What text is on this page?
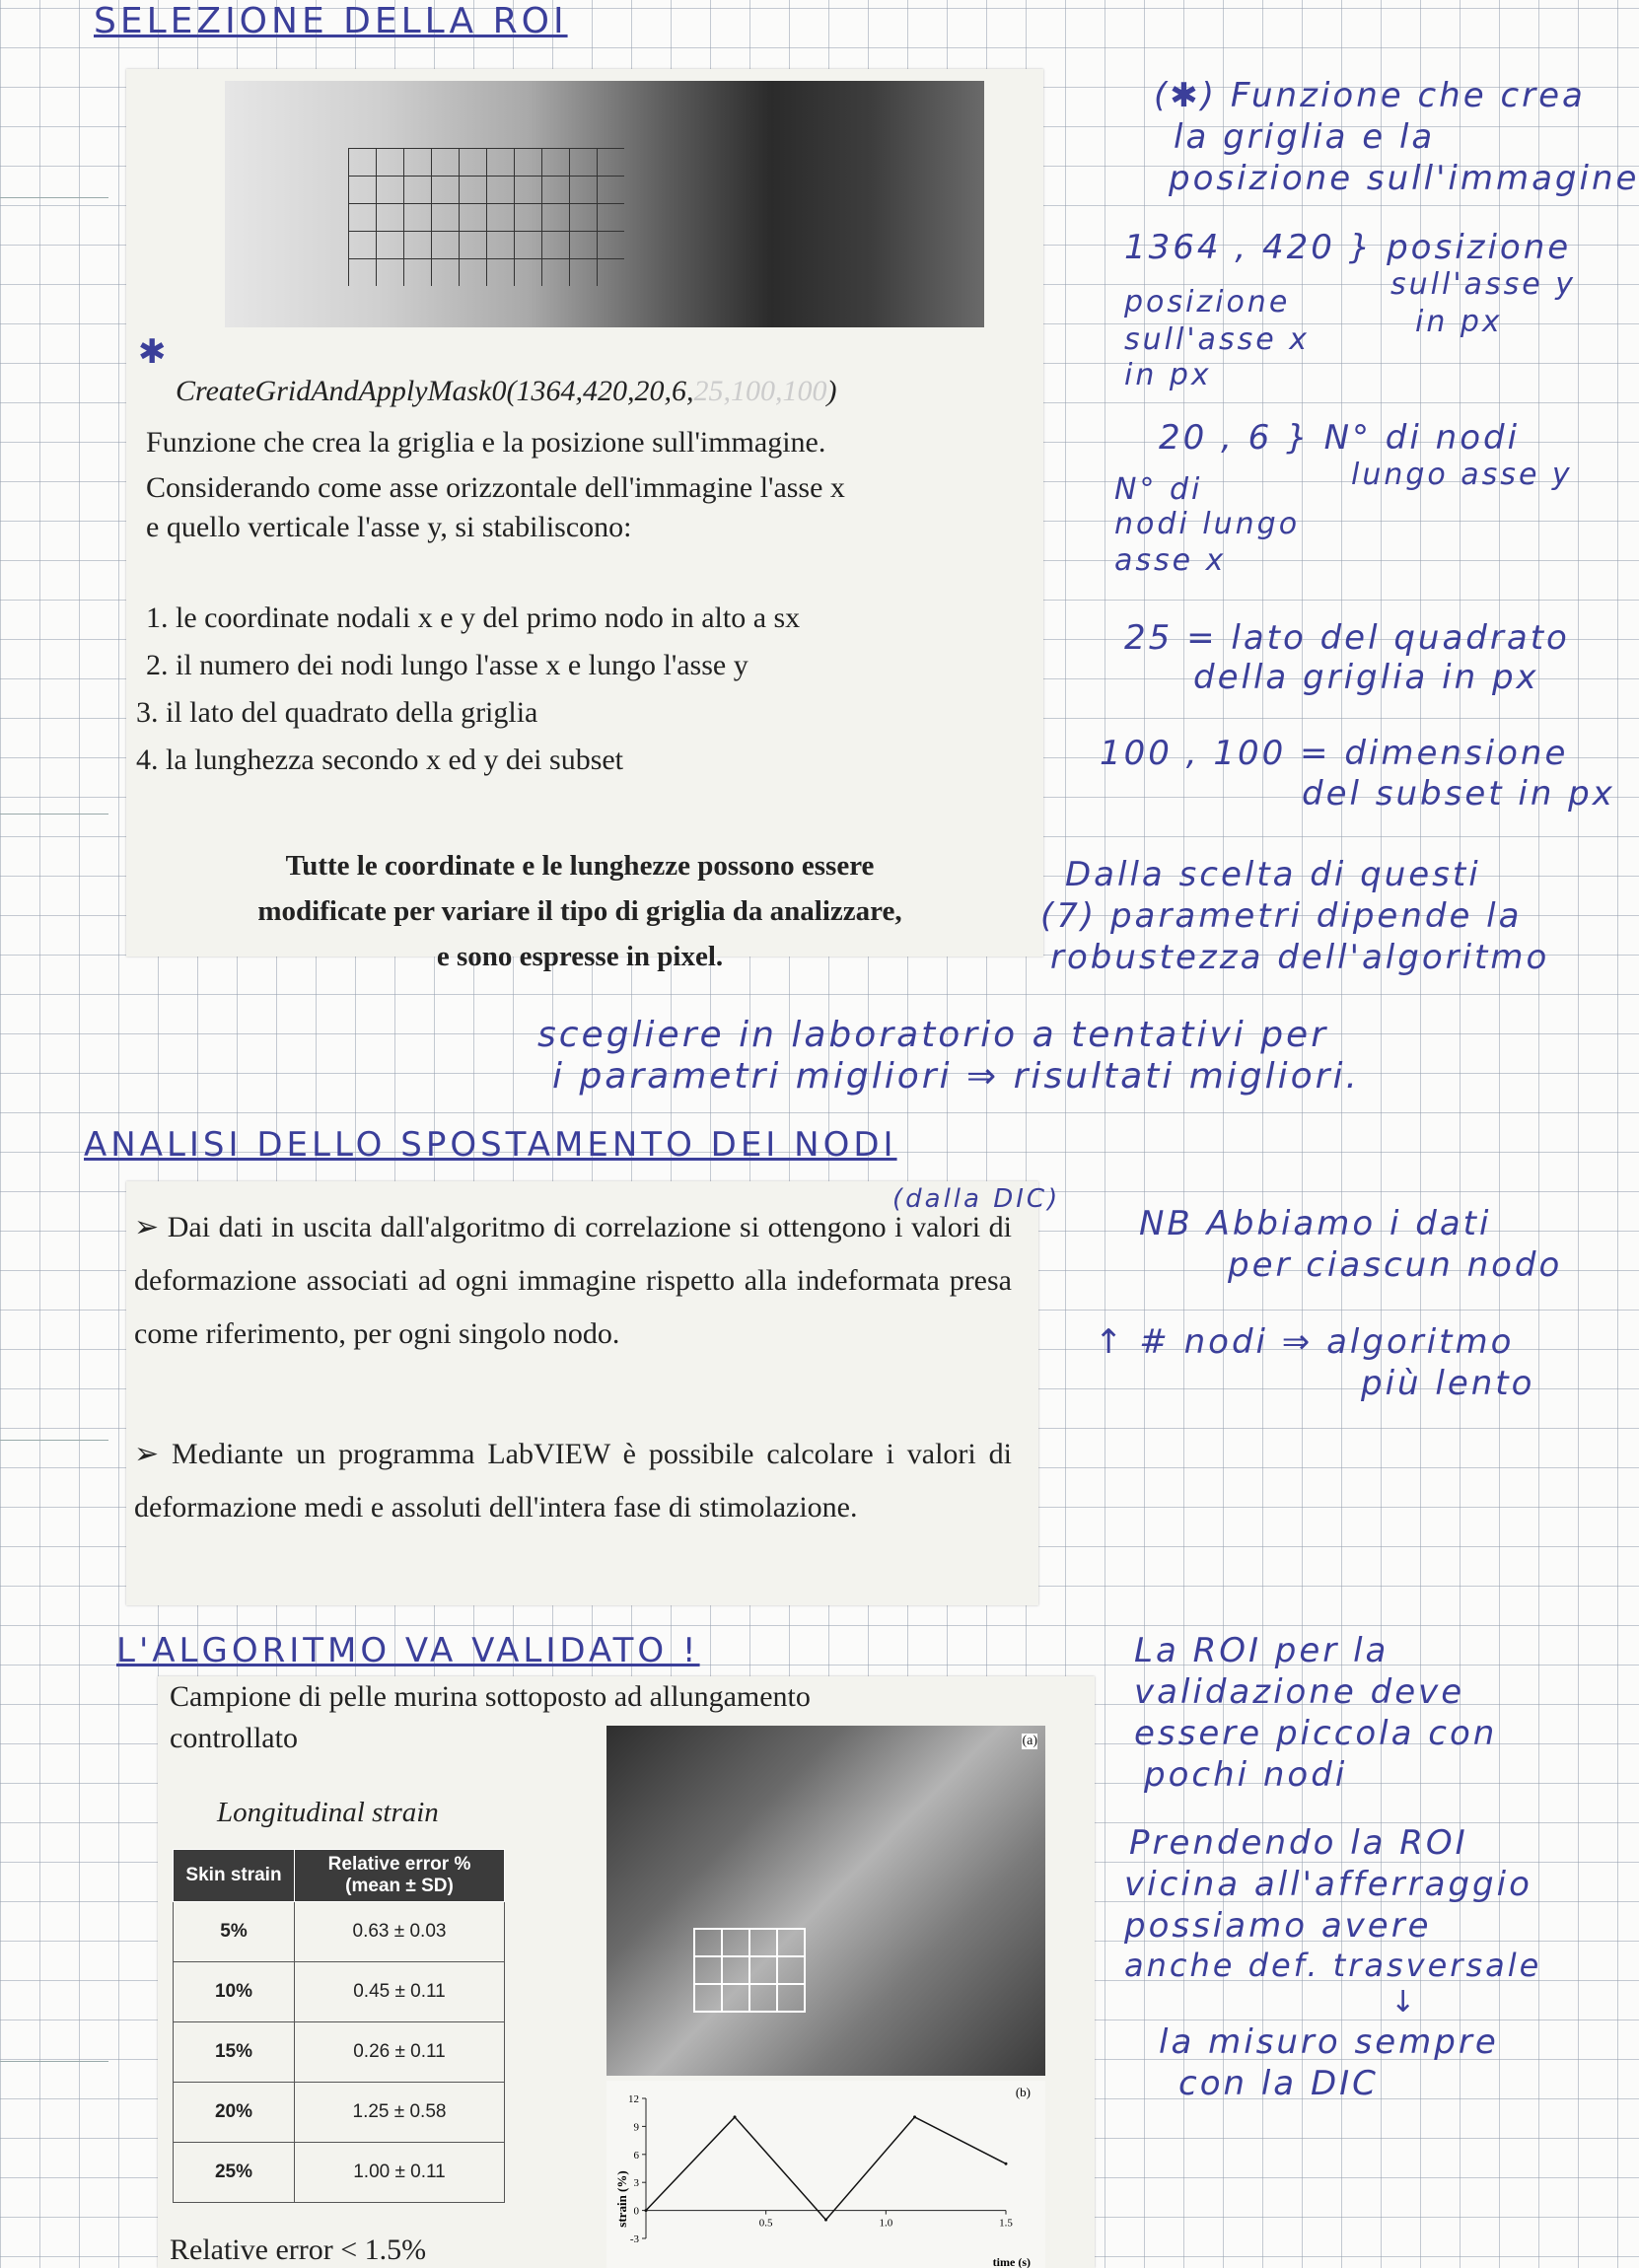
SELEZIONE DELLA ROI
ANALISI DELLO SPOSTAMENTO DEI NODI
L'ALGORITMO VA VALIDATO !
✱
CreateGridAndApplyMask0(1364,420,20,6,25,100,100)
Funzione che crea la griglia e la posizione sull'immagine.
Considerando come asse orizzontale dell'immagine l'asse x
e quello verticale l'asse y, si stabiliscono:
1. le coordinate nodali x e y del primo nodo in alto a sx
2. il numero dei nodi lungo l'asse x e lungo l'asse y
3. il lato del quadrato della griglia
4. la lunghezza secondo x ed y dei subset
Tutte le coordinate e le lunghezze possono essere
modificate per variare il tipo di griglia da analizzare,
e sono espresse in pixel.
➢ Dai dati in uscita dall'algoritmo di correlazione si ottengono i valori di deformazione associati ad ogni immagine rispetto alla indeformata presa come riferimento, per ogni singolo nodo.
➢ Mediante un programma LabVIEW è possibile calcolare i valori di deformazione medi e assoluti dell'intera fase di stimolazione.
Campione di pelle murina sottoposto ad allungamento
controllato
Longitudinal strain
Skin strain	Relative error %
(mean ± SD)
5%	0.63 ± 0.03
10%	0.45 ± 0.11
15%	0.26 ± 0.11
20%	1.25 ± 0.58
25%	1.00 ± 0.11
Relative error < 1.5%
(a)
(b)
strain (%)
time (s)
12
9
6
3
0
-3
0.5	1.0	1.5
(✱) Funzione che crea
la griglia e la
posizione sull'immagine
1364 , 420 } posizione
sull'asse y
posizione
sull'asse x
in px
in px
20 , 6 } N° di nodi
lungo asse y
N° di
nodi lungo
asse x
25 = lato del quadrato
della griglia in px
100 , 100 = dimensione
del subset in px
Dalla scelta di questi
(7) parametri dipende la
robustezza dell'algoritmo
scegliere in laboratorio a tentativi per
i parametri migliori ⇒ risultati migliori.
(dalla DIC)
NB Abbiamo i dati
per ciascun nodo
↑ # nodi ⇒ algoritmo
più lento
La ROI per la
validazione deve
essere piccola con
pochi nodi
Prendendo la ROI
vicina all'afferraggio
possiamo avere
anche def. trasversale
↓
la misuro sempre
con la DIC
